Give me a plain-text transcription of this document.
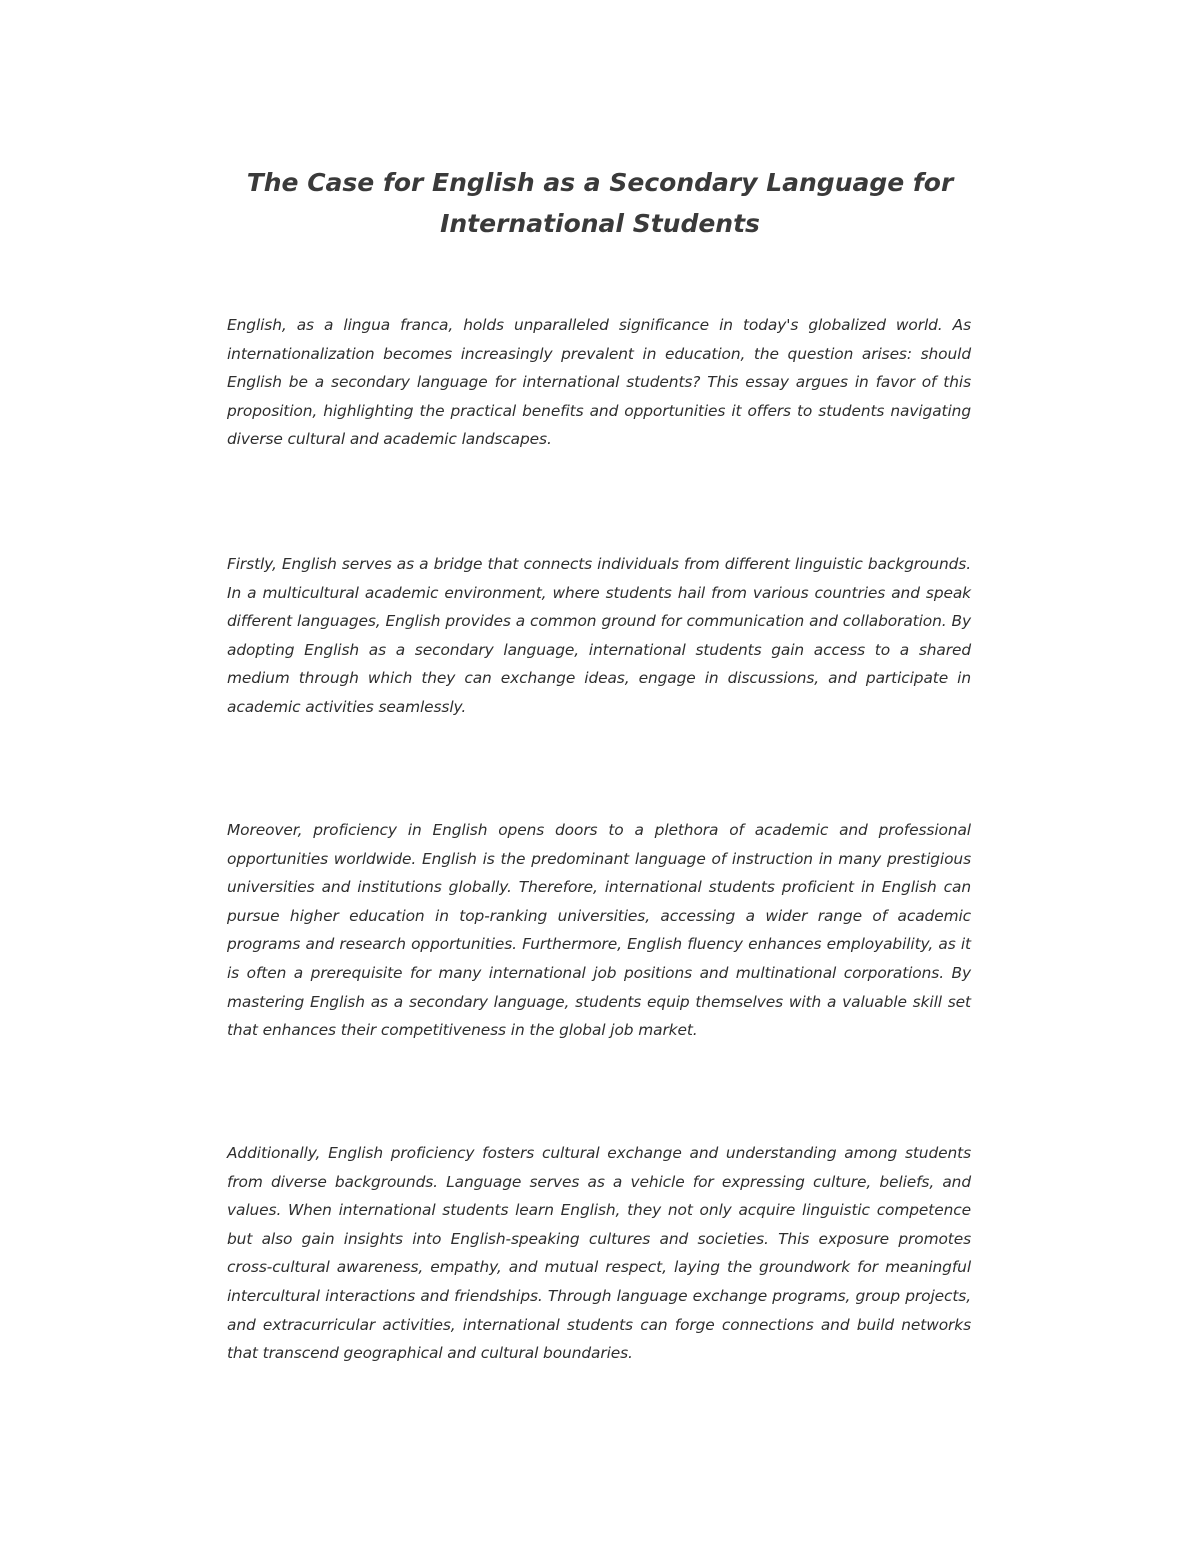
The Case for English as a Secondary Language for International Students

English, as a lingua franca, holds unparalleled significance in today's globalized world. As internationalization becomes increasingly prevalent in education, the question arises: should English be a secondary language for international students? This essay argues in favor of this proposition, highlighting the practical benefits and opportunities it offers to students navigating diverse cultural and academic landscapes.

Firstly, English serves as a bridge that connects individuals from different linguistic backgrounds. In a multicultural academic environment, where students hail from various countries and speak different languages, English provides a common ground for communication and collaboration. By adopting English as a secondary language, international students gain access to a shared medium through which they can exchange ideas, engage in discussions, and participate in academic activities seamlessly.

Moreover, proficiency in English opens doors to a plethora of academic and professional opportunities worldwide. English is the predominant language of instruction in many prestigious universities and institutions globally. Therefore, international students proficient in English can pursue higher education in top-ranking universities, accessing a wider range of academic programs and research opportunities. Furthermore, English fluency enhances employability, as it is often a prerequisite for many international job positions and multinational corporations. By mastering English as a secondary language, students equip themselves with a valuable skill set that enhances their competitiveness in the global job market.

Additionally, English proficiency fosters cultural exchange and understanding among students from diverse backgrounds. Language serves as a vehicle for expressing culture, beliefs, and values. When international students learn English, they not only acquire linguistic competence but also gain insights into English-speaking cultures and societies. This exposure promotes cross-cultural awareness, empathy, and mutual respect, laying the groundwork for meaningful intercultural interactions and friendships. Through language exchange programs, group projects, and extracurricular activities, international students can forge connections and build networks that transcend geographical and cultural boundaries.
